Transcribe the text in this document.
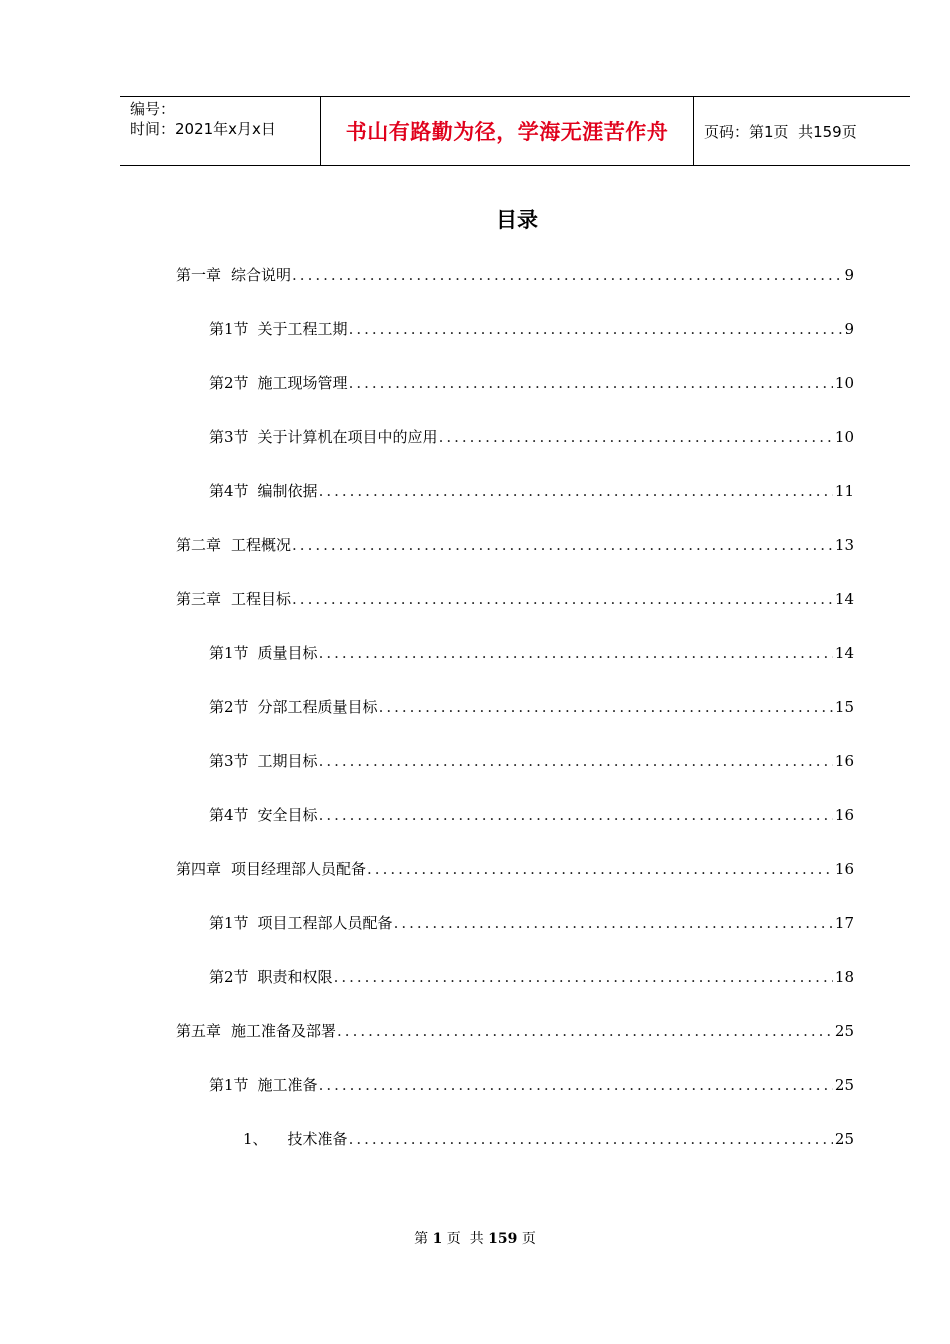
编号：
时间：2021年x月x日	书山有路勤为径，学海无涯苦作舟 页码：第1页  共159页
目录
第一章 综合说明 .....	9
第1节 关于工程工期 .....	9
第2节 施工现场管理 .....	10
第3节 关于计算机在项目中的应用 .....	10
第4节 编制依据 .....	11
第二章 工程概况 .....	13
第三章 工程目标 .....	14
第1节 质量目标 .....	14
第2节 分部工程质量目标 .....	15
第3节 工期目标 .....	16
第4节 安全目标 .....	16
第四章 项目经理部人员配备 .....	16
第1节 项目工程部人员配备 .....	17
第2节 职责和权限 .....	18
第五章 施工准备及部署 .....	25
第1节 施工准备 .....	25
1、 技术准备 .....	25
第 1 页  共 159 页
